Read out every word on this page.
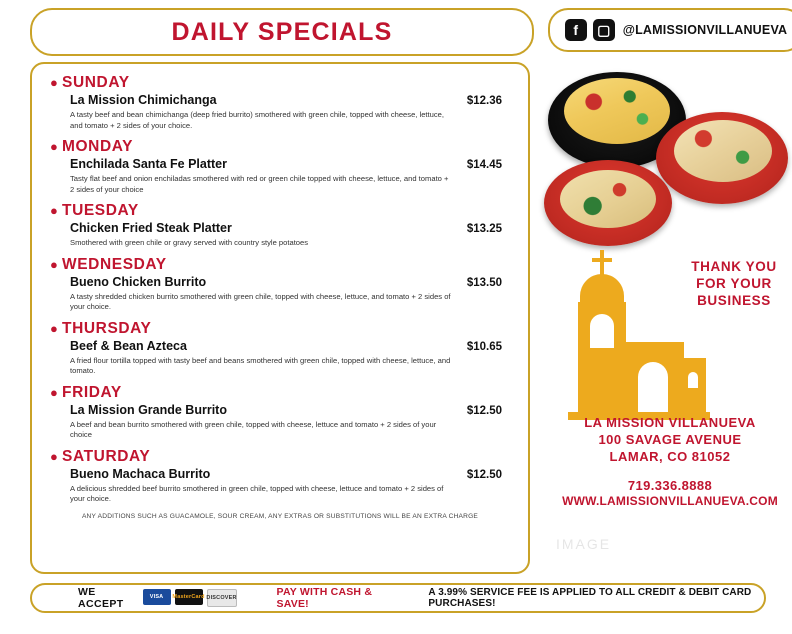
DAILY SPECIALS	f	▢ @LAMISSIONVILLANUEVA
● SUNDAY
La Mission Chimichanga	$12.36
A tasty beef and bean chimichanga (deep fried burrito) smothered with green chile, topped with cheese, lettuce, and tomato + 2 sides of your choice.
● MONDAY
Enchilada Santa Fe Platter	$14.45
Tasty flat beef and onion enchiladas smothered with red or green chile topped with cheese, lettuce, and tomato + 2 sides of your choice
● TUESDAY
Chicken Fried Steak Platter	$13.25
Smothered with green chile or gravy served with country style potatoes
● WEDNESDAY
Bueno Chicken Burrito	$13.50
A tasty shredded chicken burrito smothered with green chile, topped with cheese, lettuce, and tomato + 2 sides of your choice.
● THURSDAY
Beef & Bean Azteca	$10.65
A fried flour tortilla topped with tasty beef and beans smothered with green chile, topped with cheese, lettuce, and tomato.
● FRIDAY
La Mission Grande Burrito	$12.50
A beef and bean burrito smothered with green chile, topped with cheese, lettuce and tomato + 2 sides of your choice
● SATURDAY
Bueno Machaca Burrito	$12.50
A delicious shredded beef burrito smothered in green chile, topped with cheese, lettuce and tomato + 2 sides of your choice.
ANY ADDITIONS SUCH AS GUACAMOLE, SOUR CREAM, ANY EXTRAS OR SUBSTITUTIONS WILL BE AN EXTRA CHARGE
THANK YOU
FOR YOUR
BUSINESS
LA MISSION VILLANUEVA
100 SAVAGE AVENUE
LAMAR, CO 81052
719.336.8888
WWW.LAMISSIONVILLANUEVA.COM
IMAGE
WE ACCEPT
VISA	MasterCard DISCOVER	PAY WITH CASH & SAVE!
A 3.99% SERVICE FEE IS APPLIED TO ALL CREDIT & DEBIT CARD PURCHASES!
